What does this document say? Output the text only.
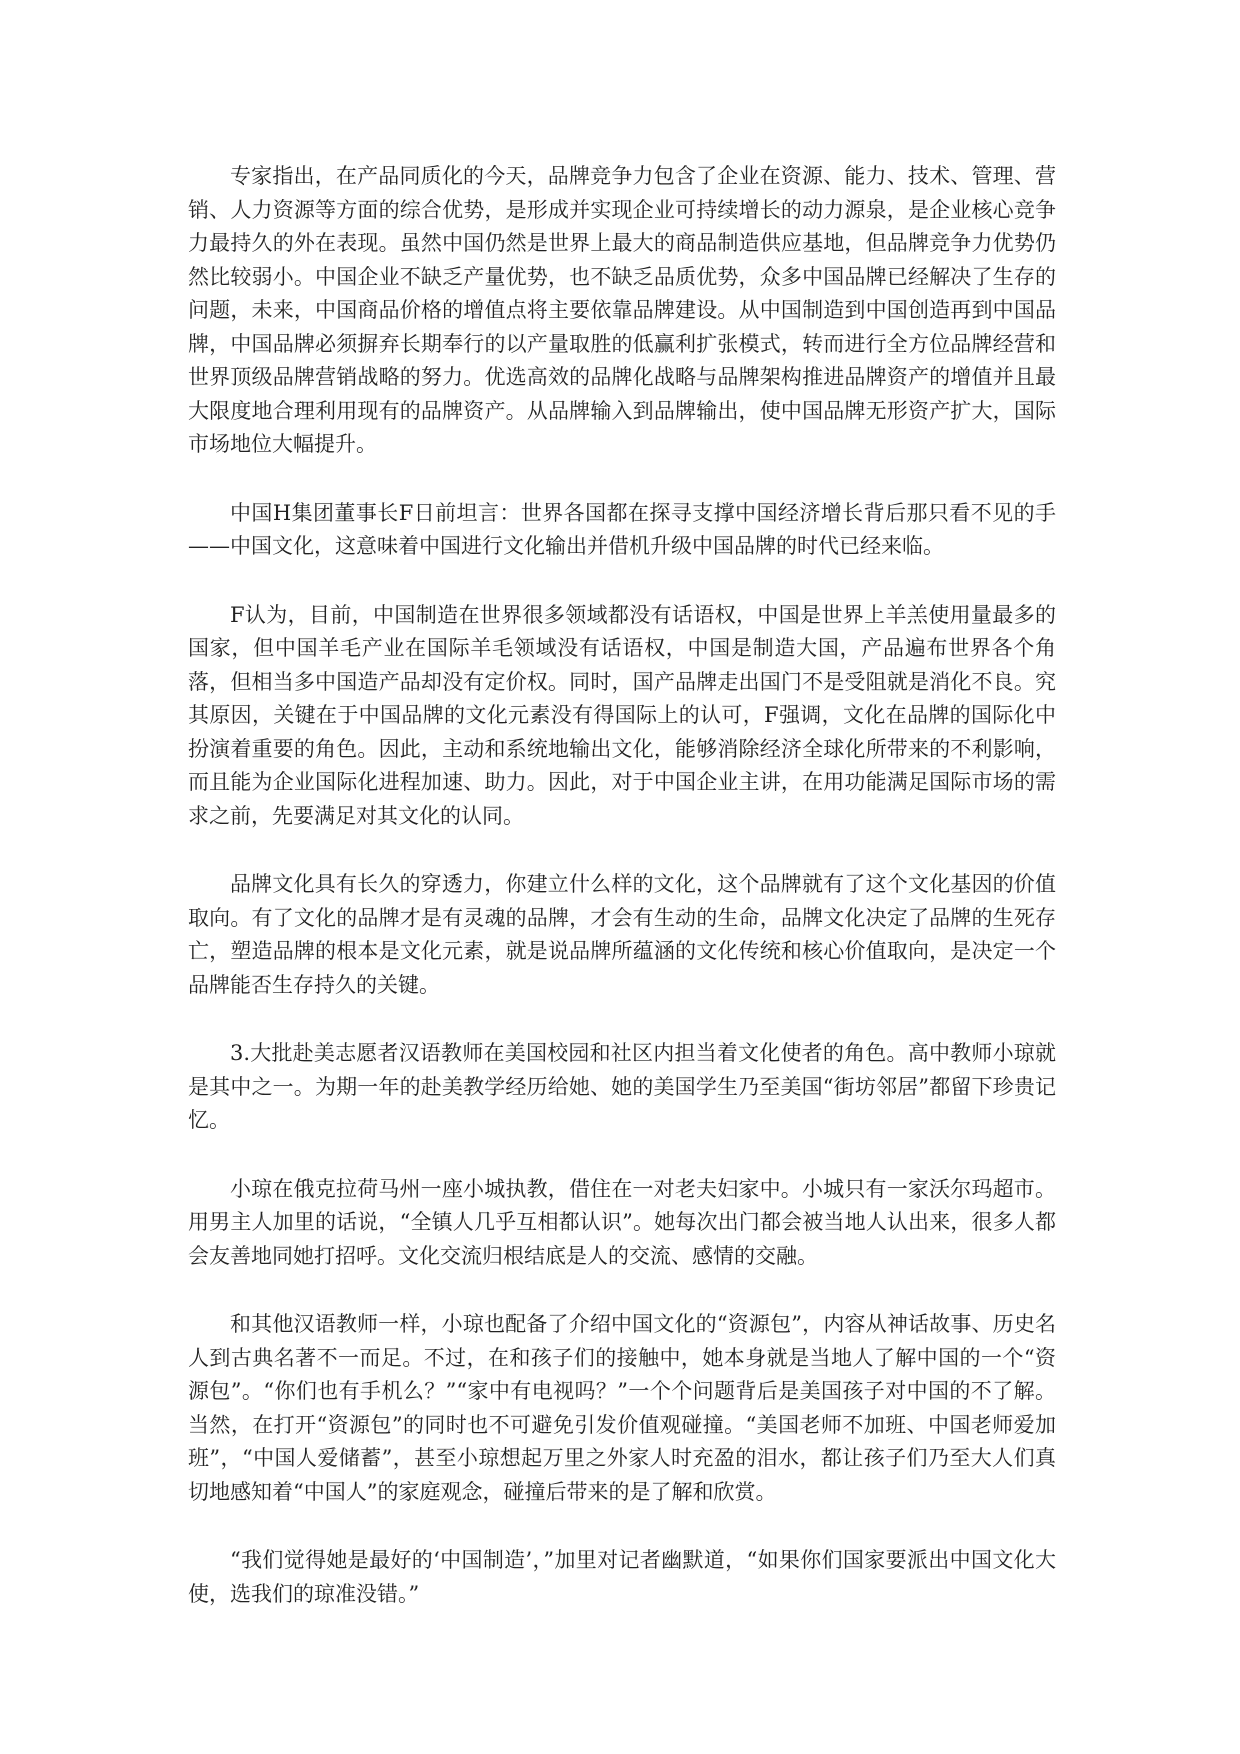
专家指出，在产品同质化的今天，品牌竞争力包含了企业在资源、能力、技术、管理、营销、人力资源等方面的综合优势，是形成并实现企业可持续增长的动力源泉，是企业核心竞争力最持久的外在表现。虽然中国仍然是世界上最大的商品制造供应基地，但品牌竞争力优势仍然比较弱小。中国企业不缺乏产量优势，也不缺乏品质优势，众多中国品牌已经解决了生存的问题，未来，中国商品价格的增值点将主要依靠品牌建设。从中国制造到中国创造再到中国品牌，中国品牌必须摒弃长期奉行的以产量取胜的低赢利扩张模式，转而进行全方位品牌经营和世界顶级品牌营销战略的努力。优选高效的品牌化战略与品牌架构推进品牌资产的增值并且最大限度地合理利用现有的品牌资产。从品牌输入到品牌输出，使中国品牌无形资产扩大，国际市场地位大幅提升。

中国H集团董事长F日前坦言：世界各国都在探寻支撑中国经济增长背后那只看不见的手——中国文化，这意味着中国进行文化输出并借机升级中国品牌的时代已经来临。

F认为，目前，中国制造在世界很多领域都没有话语权，中国是世界上羊羔使用量最多的国家，但中国羊毛产业在国际羊毛领域没有话语权，中国是制造大国，产品遍布世界各个角落，但相当多中国造产品却没有定价权。同时，国产品牌走出国门不是受阻就是消化不良。究其原因，关键在于中国品牌的文化元素没有得国际上的认可，F强调，文化在品牌的国际化中扮演着重要的角色。因此，主动和系统地输出文化，能够消除经济全球化所带来的不利影响，而且能为企业国际化进程加速、助力。因此，对于中国企业主讲，在用功能满足国际市场的需求之前，先要满足对其文化的认同。

品牌文化具有长久的穿透力，你建立什么样的文化，这个品牌就有了这个文化基因的价值取向。有了文化的品牌才是有灵魂的品牌，才会有生动的生命，品牌文化决定了品牌的生死存亡，塑造品牌的根本是文化元素，就是说品牌所蕴涵的文化传统和核心价值取向，是决定一个品牌能否生存持久的关键。

3.大批赴美志愿者汉语教师在美国校园和社区内担当着文化使者的角色。高中教师小琼就是其中之一。为期一年的赴美教学经历给她、她的美国学生乃至美国“街坊邻居”都留下珍贵记忆。

小琼在俄克拉荷马州一座小城执教，借住在一对老夫妇家中。小城只有一家沃尔玛超市。用男主人加里的话说，“全镇人几乎互相都认识”。她每次出门都会被当地人认出来，很多人都会友善地同她打招呼。文化交流归根结底是人的交流、感情的交融。

和其他汉语教师一样，小琼也配备了介绍中国文化的“资源包”，内容从神话故事、历史名人到古典名著不一而足。不过，在和孩子们的接触中，她本身就是当地人了解中国的一个“资源包”。“你们也有手机么？”“家中有电视吗？”一个个问题背后是美国孩子对中国的不了解。当然，在打开“资源包”的同时也不可避免引发价值观碰撞。“美国老师不加班、中国老师爱加班”，“中国人爱储蓄”，甚至小琼想起万里之外家人时充盈的泪水，都让孩子们乃至大人们真切地感知着“中国人”的家庭观念，碰撞后带来的是了解和欣赏。

“我们觉得她是最好的‘中国制造’，”加里对记者幽默道，“如果你们国家要派出中国文化大使，选我们的琼准没错。”
